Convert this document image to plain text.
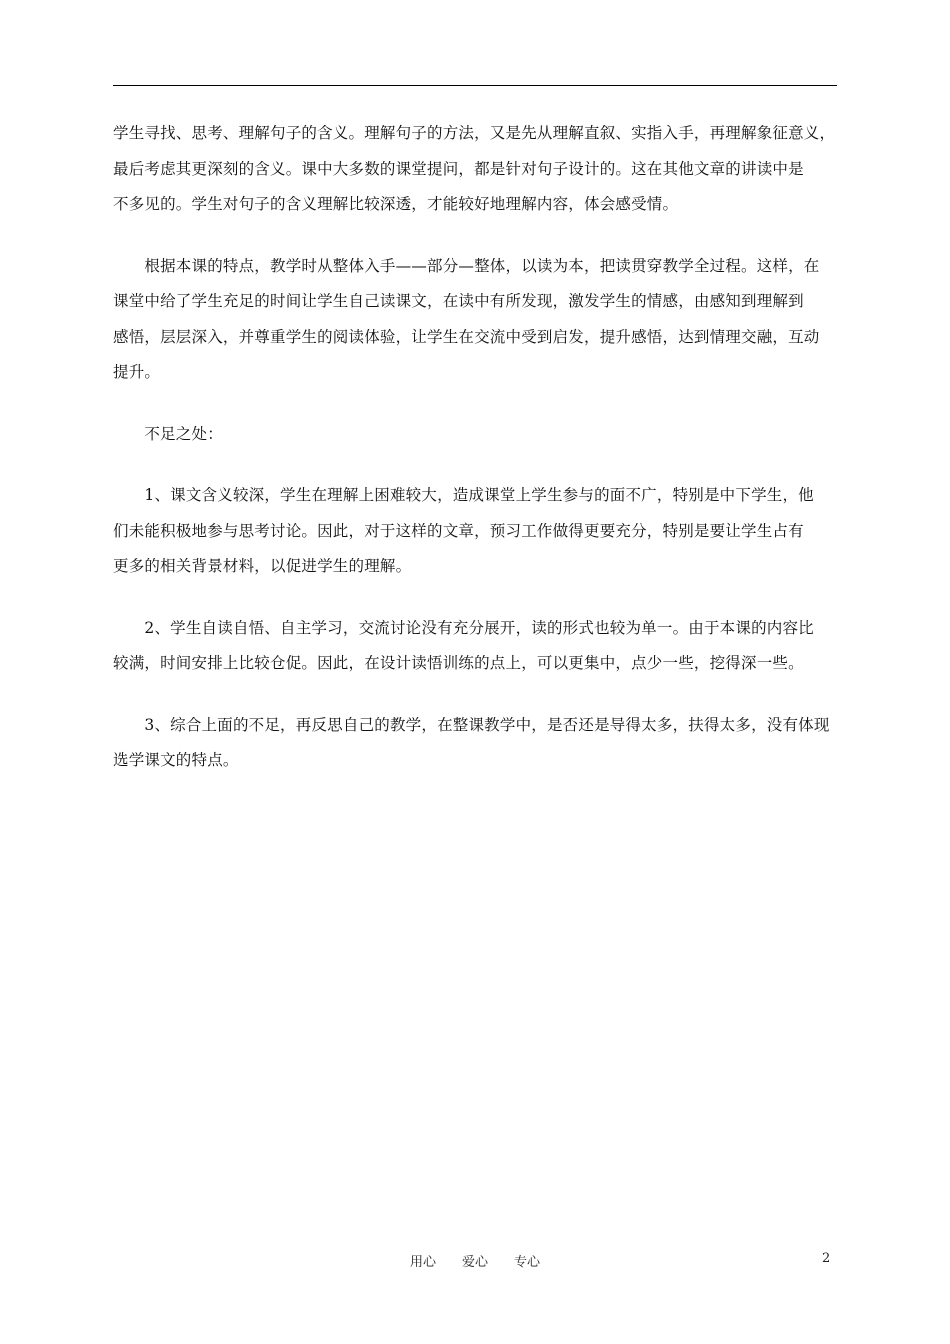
学生寻找、思考、理解句子的含义。理解句子的方法，又是先从理解直叙、实指入手，再理解象征意义，
最后考虑其更深刻的含义。课中大多数的课堂提问，都是针对句子设计的。这在其他文章的讲读中是
不多见的。学生对句子的含义理解比较深透，才能较好地理解内容，体会感受情。

　　根据本课的特点，教学时从整体入手——部分—整体，以读为本，把读贯穿教学全过程。这样，在
课堂中给了学生充足的时间让学生自己读课文，在读中有所发现，激发学生的情感，由感知到理解到
感悟，层层深入，并尊重学生的阅读体验，让学生在交流中受到启发，提升感悟，达到情理交融，互动
提升。

　　不足之处：

　　1、课文含义较深，学生在理解上困难较大，造成课堂上学生参与的面不广，特别是中下学生，他
们未能积极地参与思考讨论。因此，对于这样的文章，预习工作做得更要充分，特别是要让学生占有
更多的相关背景材料，以促进学生的理解。

　　2、学生自读自悟、自主学习，交流讨论没有充分展开，读的形式也较为单一。由于本课的内容比
较满，时间安排上比较仓促。因此，在设计读悟训练的点上，可以更集中，点少一些，挖得深一些。

　　3、综合上面的不足，再反思自己的教学，在整课教学中，是否还是导得太多，扶得太多，没有体现
选学课文的特点。

用心　　爱心　　专心	2
